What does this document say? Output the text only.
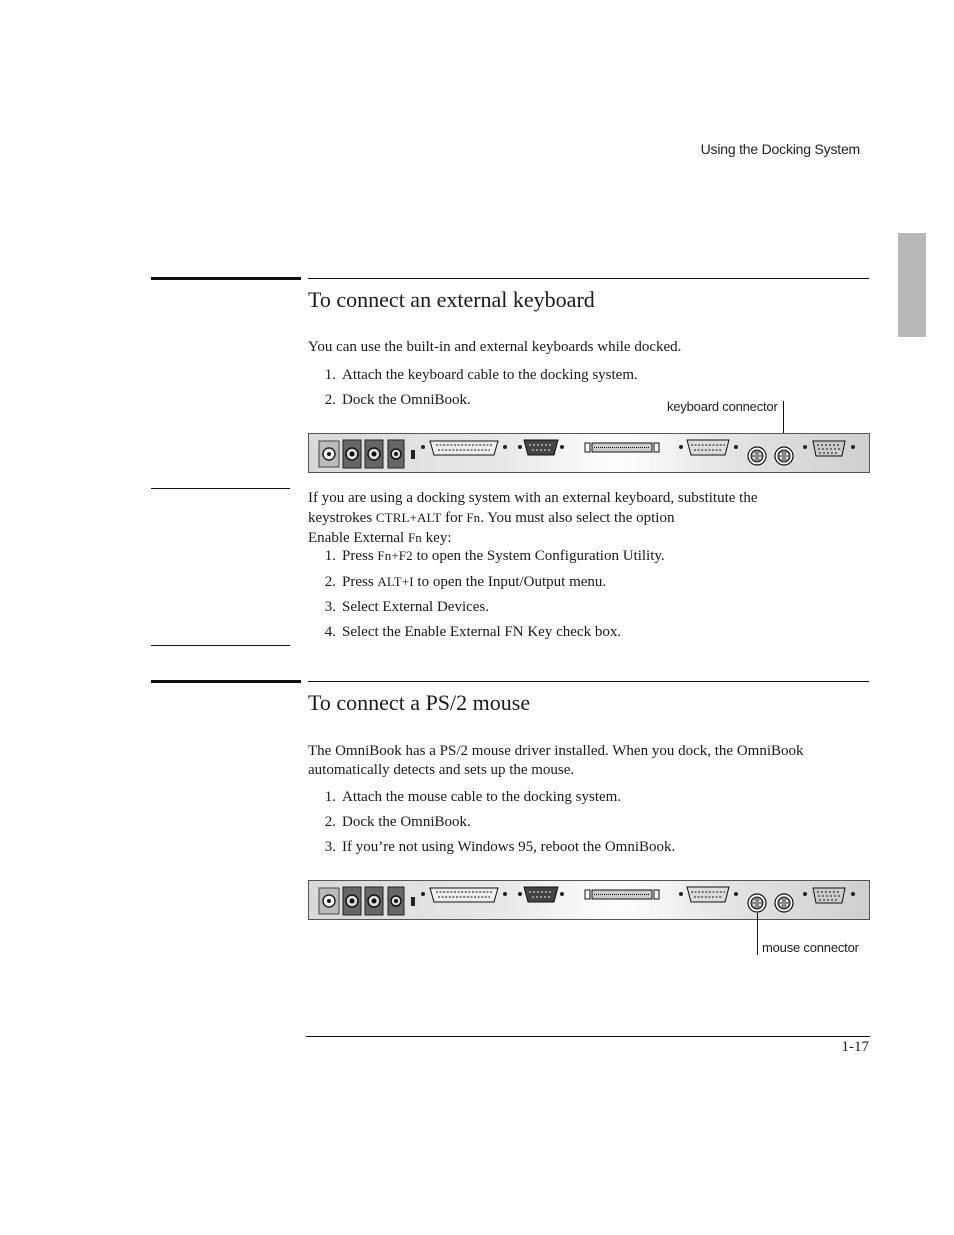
Using the Docking System
To connect an external keyboard
You can use the built-in and external keyboards while docked.
1. Attach the keyboard cable to the docking system.
2. Dock the OmniBook.	keyboard connector
If you are using a docking system with an external keyboard, substitute the
keystrokes CTRL+ALT for Fn. You must also select the option
Enable External Fn key:
1. Press Fn+F2 to open the System Configuration Utility.
2. Press ALT+I to open the Input/Output menu.
3. Select External Devices.
4. Select the Enable External FN Key check box.
To connect a PS/2 mouse
The OmniBook has a PS/2 mouse driver installed. When you dock, the OmniBook
automatically detects and sets up the mouse.
1. Attach the mouse cable to the docking system.
2. Dock the OmniBook.
3. If you’re not using Windows 95, reboot the OmniBook.
mouse connector
1-17
